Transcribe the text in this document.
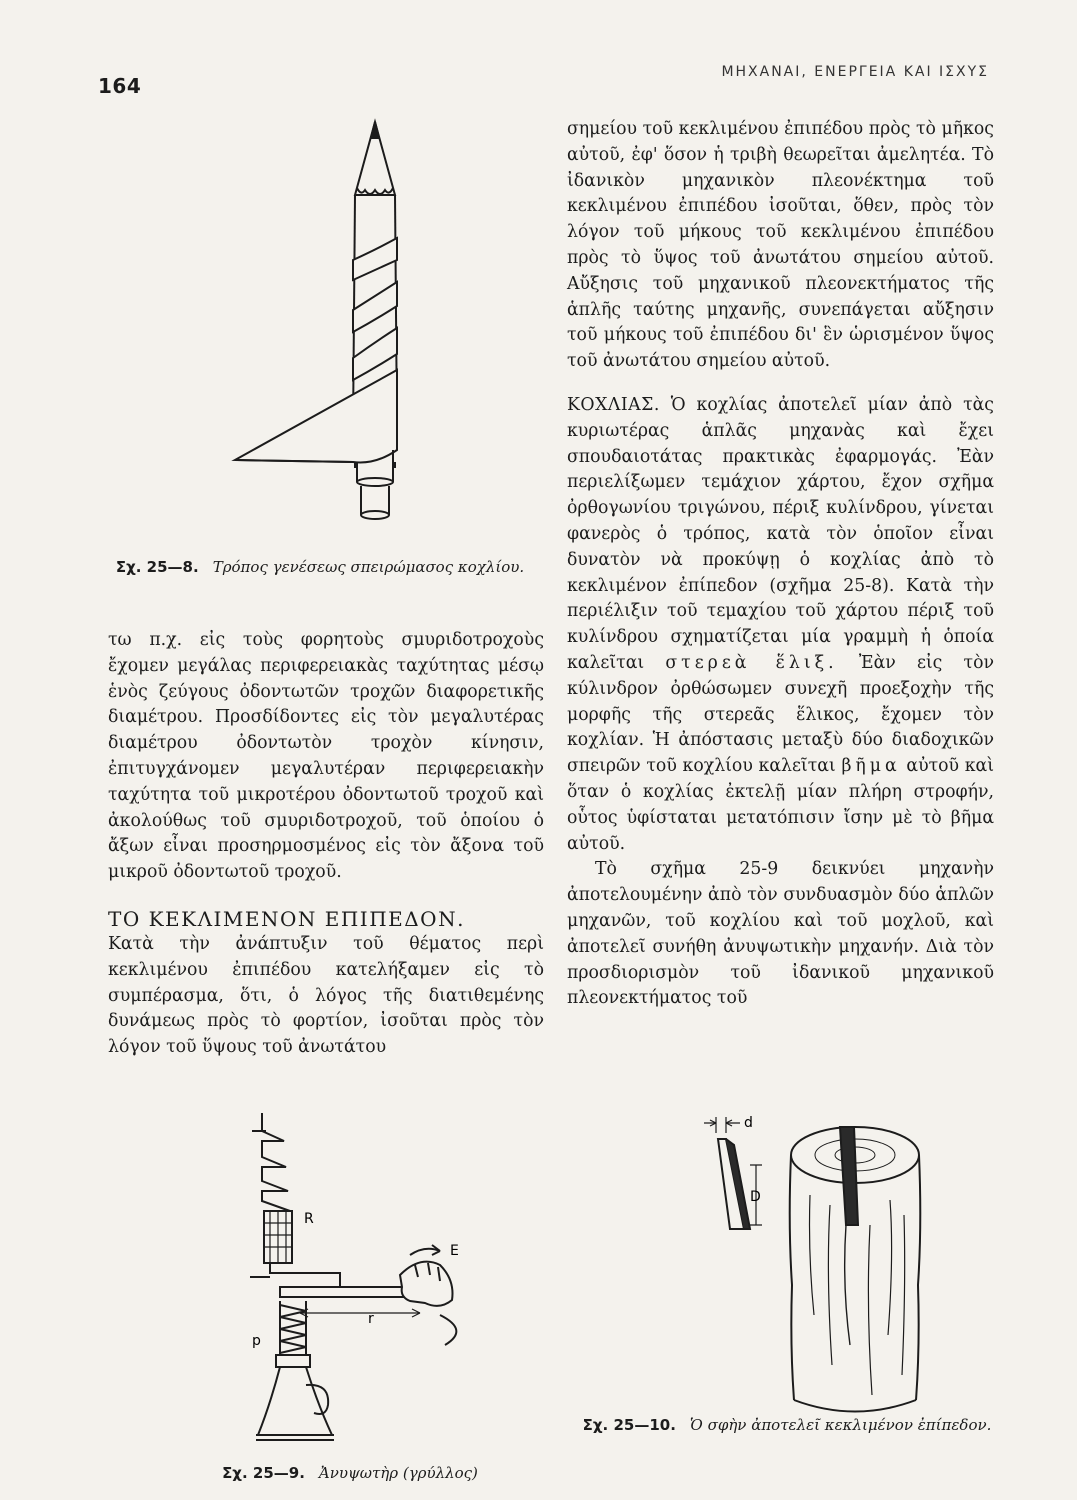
164
ΜΗΧΑΝΑΙ, ΕΝΕΡΓΕΙΑ ΚΑΙ ΙΣΧΥΣ
Σχ. 25—8. Τρόπος γενέσεως σπειρώμασος κοχλίου.

τω π.χ. εἰς τοὺς φορητοὺς σμυριδοτροχοὺς ἔχομεν μεγάλας περιφερειακὰς ταχύτητας μέσῳ ἑνὸς ζεύγους ὀδοντωτῶν τροχῶν διαφορετικῆς διαμέτρου. Προσδίδοντες εἰς τὸν μεγαλυτέρας διαμέτρου ὀδοντωτὸν τροχὸν κίνησιν, ἐπιτυγχάνομεν μεγαλυτέραν περιφερειακὴν ταχύτητα τοῦ μικροτέρου ὀδοντωτοῦ τροχοῦ καὶ ἀκολούθως τοῦ σμυριδοτροχοῦ, τοῦ ὁποίου ὁ ἄξων εἶναι προσηρμοσμένος εἰς τὸν ἄξονα τοῦ μικροῦ ὀδοντωτοῦ τροχοῦ.

ΤΟ ΚΕΚΛΙΜΕΝΟΝ ΕΠΙΠΕΔΟΝ.

Κατὰ τὴν ἀνάπτυξιν τοῦ θέματος περὶ κεκλιμένου ἐπιπέδου κατελήξαμεν εἰς τὸ συμπέρασμα, ὅτι, ὁ λόγος τῆς διατιθεμένης δυνάμεως πρὸς τὸ φορτίον, ἰσοῦται πρὸς τὸν λόγον τοῦ ὕψους τοῦ ἀνωτάτου

R
E
r
p
Σχ. 25—9. Ἀνυψωτὴρ (γρύλλος)

σημείου τοῦ κεκλιμένου ἐπιπέδου πρὸς τὸ μῆκος αὐτοῦ, ἐφ' ὅσον ἡ τριβὴ θεωρεῖται ἀμελητέα. Τὸ ἰδανικὸν μηχανικὸν πλεονέκτημα τοῦ κεκλιμένου ἐπιπέδου ἰσοῦται, ὅθεν, πρὸς τὸν λόγον τοῦ μήκους τοῦ κεκλιμένου ἐπιπέδου πρὸς τὸ ὕψος τοῦ ἀνωτάτου σημείου αὐτοῦ. Αὔξησις τοῦ μηχανικοῦ πλεονεκτήματος τῆς ἁπλῆς ταύτης μηχανῆς, συνεπάγεται αὔξησιν τοῦ μήκους τοῦ ἐπιπέδου δι' ἓν ὡρισμένον ὕψος τοῦ ἀνωτάτου σημείου αὐτοῦ.

ΚΟΧΛΙΑΣ. Ὁ κοχλίας ἀποτελεῖ μίαν ἀπὸ τὰς κυριωτέρας ἁπλᾶς μηχανὰς καὶ ἔχει σπουδαιοτάτας πρακτικὰς ἐφαρμογάς. Ἐὰν περιελίξωμεν τεμάχιον χάρτου, ἔχον σχῆμα ὀρθογωνίου τριγώνου, πέριξ κυλίνδρου, γίνεται φανερὸς ὁ τρόπος, κατὰ τὸν ὁποῖον εἶναι δυνατὸν νὰ προκύψῃ ὁ κοχλίας ἀπὸ τὸ κεκλιμένον ἐπίπεδον (σχῆμα 25-8). Κατὰ τὴν περιέλιξιν τοῦ τεμαχίου τοῦ χάρτου πέριξ τοῦ κυλίνδρου σχηματίζεται μία γραμμὴ ἡ ὁποία καλεῖται στερεὰ ἕλιξ. Ἐὰν εἰς τὸν κύλινδρον ὀρθώσωμεν συνεχῆ προεξοχὴν τῆς μορφῆς τῆς στερεᾶς ἕλικος, ἔχομεν τὸν κοχλίαν. Ἡ ἀπόστασις μεταξὺ δύο διαδοχικῶν σπειρῶν τοῦ κοχλίου καλεῖται βῆμα αὐτοῦ καὶ ὅταν ὁ κοχλίας ἐκτελῇ μίαν πλήρη στροφήν, οὗτος ὑφίσταται μετατόπισιν ἴσην μὲ τὸ βῆμα αὐτοῦ.

Τὸ σχῆμα 25-9 δεικνύει μηχανὴν ἀποτελουμένην ἀπὸ τὸν συνδυασμὸν δύο ἁπλῶν μηχανῶν, τοῦ κοχλίου καὶ τοῦ μοχλοῦ, καὶ ἀποτελεῖ συνήθη ἀνυψωτικὴν μηχανήν. Διὰ τὸν προσδιορισμὸν τοῦ ἰδανικοῦ μηχανικοῦ πλεονεκτήματος τοῦ

d
D
Σχ. 25—10. Ὁ σφὴν ἀποτελεῖ κεκλιμένον ἐπίπεδον.
